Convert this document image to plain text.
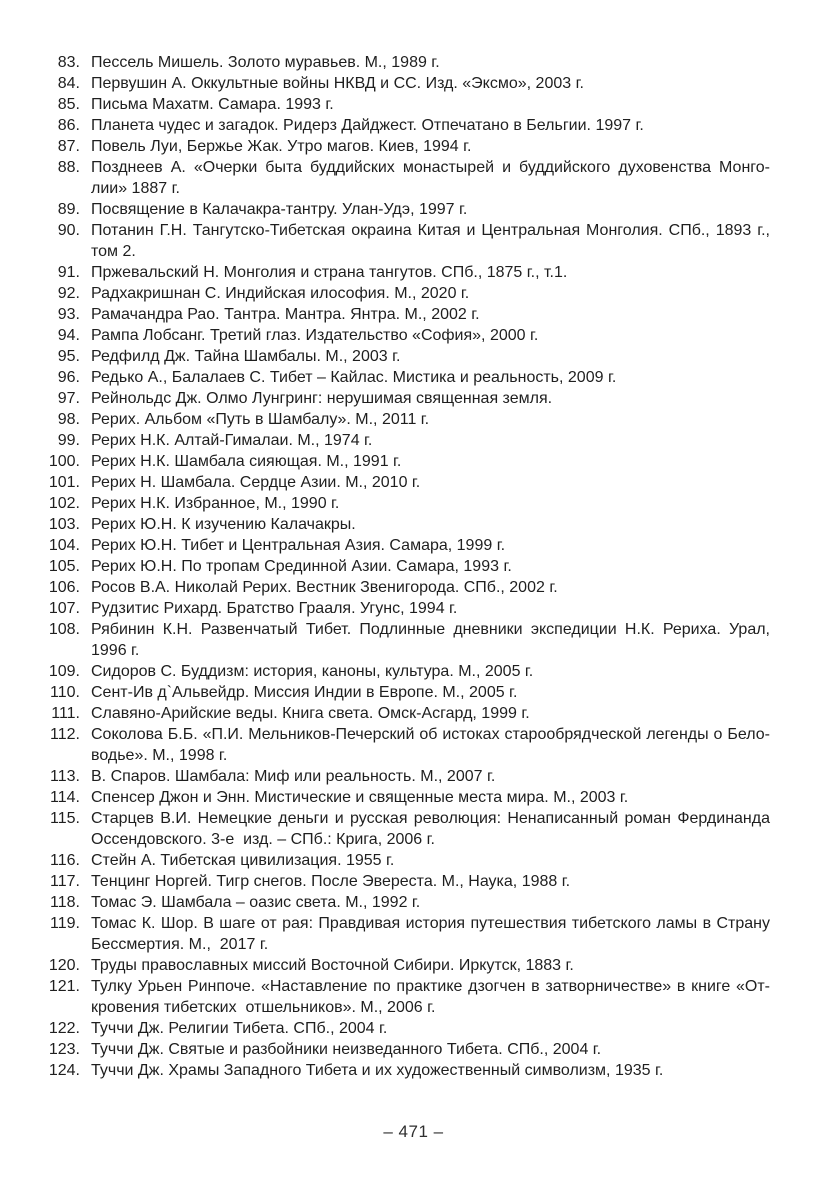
83. Пессель Мишель. Золото муравьев. М., 1989 г.
84. Первушин А. Оккультные войны НКВД и СС. Изд. «Эксмо», 2003 г.
85. Письма Махатм. Самара. 1993 г.
86. Планета чудес и загадок. Ридерз Дайджест. Отпечатано в Бельгии. 1997 г.
87. Повель Луи, Бержье Жак. Утро магов. Киев, 1994 г.
88. Позднеев А. «Очерки быта буддийских монастырей и буддийского духовенства Монго-
лии» 1887 г.
89. Посвящение в Калачакра-тантру. Улан-Удэ, 1997 г.
90. Потанин Г.Н. Тангутско-Тибетская окраина Китая и Центральная Монголия. СПб., 1893 г.,
том 2.
91. Пржевальский Н. Монголия и страна тангутов. СПб., 1875 г., т.1.
92. Радхакришнан С. Индийская илософия. М., 2020 г.
93. Рамачандра Рао. Тантра. Мантра. Янтра. М., 2002 г.
94. Рампа Лобсанг. Третий глаз. Издательство «София», 2000 г.
95. Редфилд Дж. Тайна Шамбалы. М., 2003 г.
96. Редько А., Балалаев С. Тибет – Кайлас. Мистика и реальность, 2009 г.
97. Рейнольдс Дж. Олмо Лунгринг: нерушимая священная земля.
98. Рерих. Альбом «Путь в Шамбалу». М., 2011 г.
99. Рерих Н.К. Алтай-Гималаи. М., 1974 г.
100. Рерих Н.К. Шамбала сияющая. М., 1991 г.
101. Рерих Н. Шамбала. Сердце Азии. М., 2010 г.
102. Рерих Н.К. Избранное, М., 1990 г.
103. Рерих Ю.Н. К изучению Калачакры.
104. Рерих Ю.Н. Тибет и Центральная Азия. Самара, 1999 г.
105. Рерих Ю.Н. По тропам Срединной Азии. Самара, 1993 г.
106. Росов В.А. Николай Рерих. Вестник Звенигорода. СПб., 2002 г.
107. Рудзитис Рихард. Братство Грааля. Угунс, 1994 г.
108. Рябинин К.Н. Развенчатый Тибет. Подлинные дневники экспедиции Н.К. Рериха. Урал,
1996 г.
109. Сидоров С. Буддизм: история, каноны, культура. М., 2005 г.
110. Сент-Ив д`Альвейдр. Миссия Индии в Европе. М., 2005 г.
111. Славяно-Арийские веды. Книга света. Омск-Асгард, 1999 г.
112. Соколова Б.Б. «П.И. Мельников-Печерский об истоках старообрядческой легенды о Бело-
водье». М., 1998 г.
113. В. Спаров. Шамбала: Миф или реальность. М., 2007 г.
114. Спенсер Джон и Энн. Мистические и священные места мира. М., 2003 г.
115. Старцев В.И. Немецкие деньги и русская революция: Ненаписанный роман Фердинанда
Оссендовского. 3-е  изд. – СПб.: Крига, 2006 г.
116. Стейн А. Тибетская цивилизация. 1955 г.
117. Тенцинг Норгей. Тигр снегов. После Эвереста. М., Наука, 1988 г.
118. Томас Э. Шамбала – оазис света. М., 1992 г.
119. Томас К. Шор. В шаге от рая: Правдивая история путешествия тибетского ламы в Страну
Бессмертия. М.,  2017 г.
120. Труды православных миссий Восточной Сибири. Иркутск, 1883 г.
121. Тулку Урьен Ринпоче. «Наставление по практике дзогчен в затворничестве» в книге «От-
кровения тибетских  отшельников». М., 2006 г.
122. Туччи Дж. Религии Тибета. СПб., 2004 г.
123. Туччи Дж. Святые и разбойники неизведанного Тибета. СПб., 2004 г.
124. Туччи Дж. Храмы Западного Тибета и их художественный символизм, 1935 г.
– 471 –
